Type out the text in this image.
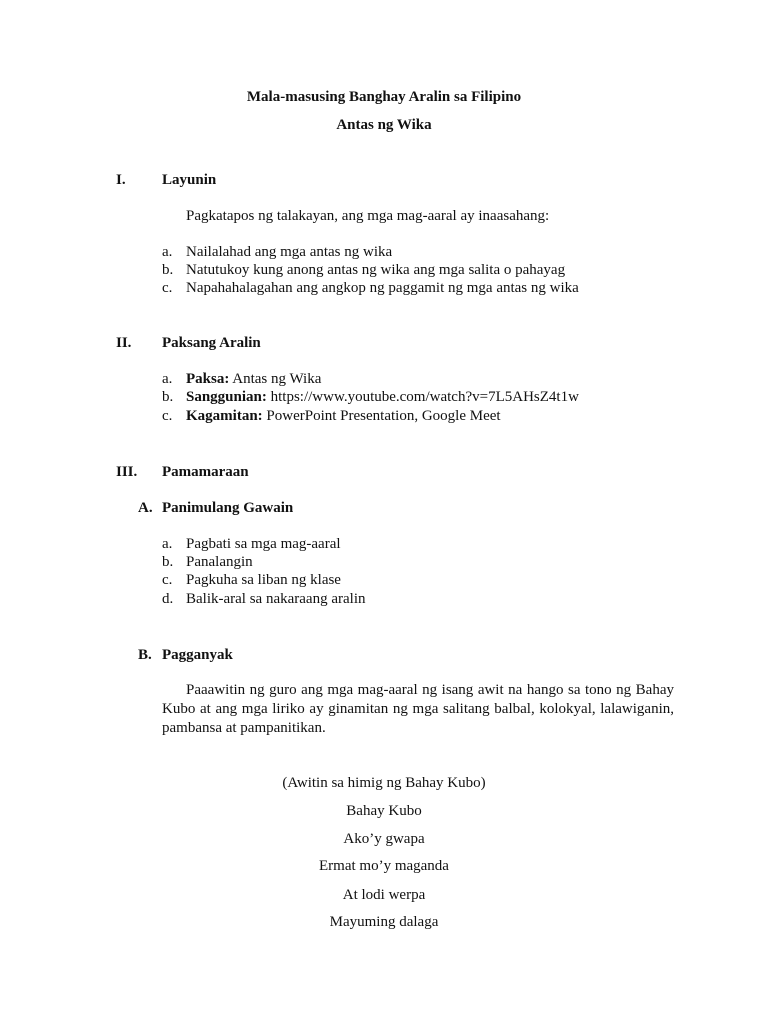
Mala-masusing Banghay Aralin sa Filipino
Antas ng Wika
I. Layunin
Pagkatapos ng talakayan, ang mga mag-aaral ay inaasahang:
a. Nailalahad ang mga antas ng wika
b. Natutukoy kung anong antas ng wika ang mga salita o pahayag
c. Napahahalagahan ang angkop ng paggamit ng mga antas ng wika
II. Paksang Aralin
a. Paksa: Antas ng Wika
b. Sanggunian: https://www.youtube.com/watch?v=7L5AHsZ4t1w
c. Kagamitan: PowerPoint Presentation, Google Meet
III. Pamamaraan
A. Panimulang Gawain
a. Pagbati sa mga mag-aaral
b. Panalangin
c. Pagkuha sa liban ng klase
d. Balik-aral sa nakaraang aralin
B. Pagganyak
Paaawitin ng guro ang mga mag-aaral ng isang awit na hango sa tono ng Bahay Kubo at ang mga liriko ay ginamitan ng mga salitang balbal, kolokyal, lalawiganin, pambansa at pampanitikan.
(Awitin sa himig ng Bahay Kubo)
Bahay Kubo
Ako’y gwapa
Ermat mo’y maganda
At lodi werpa
Mayuming dalaga
